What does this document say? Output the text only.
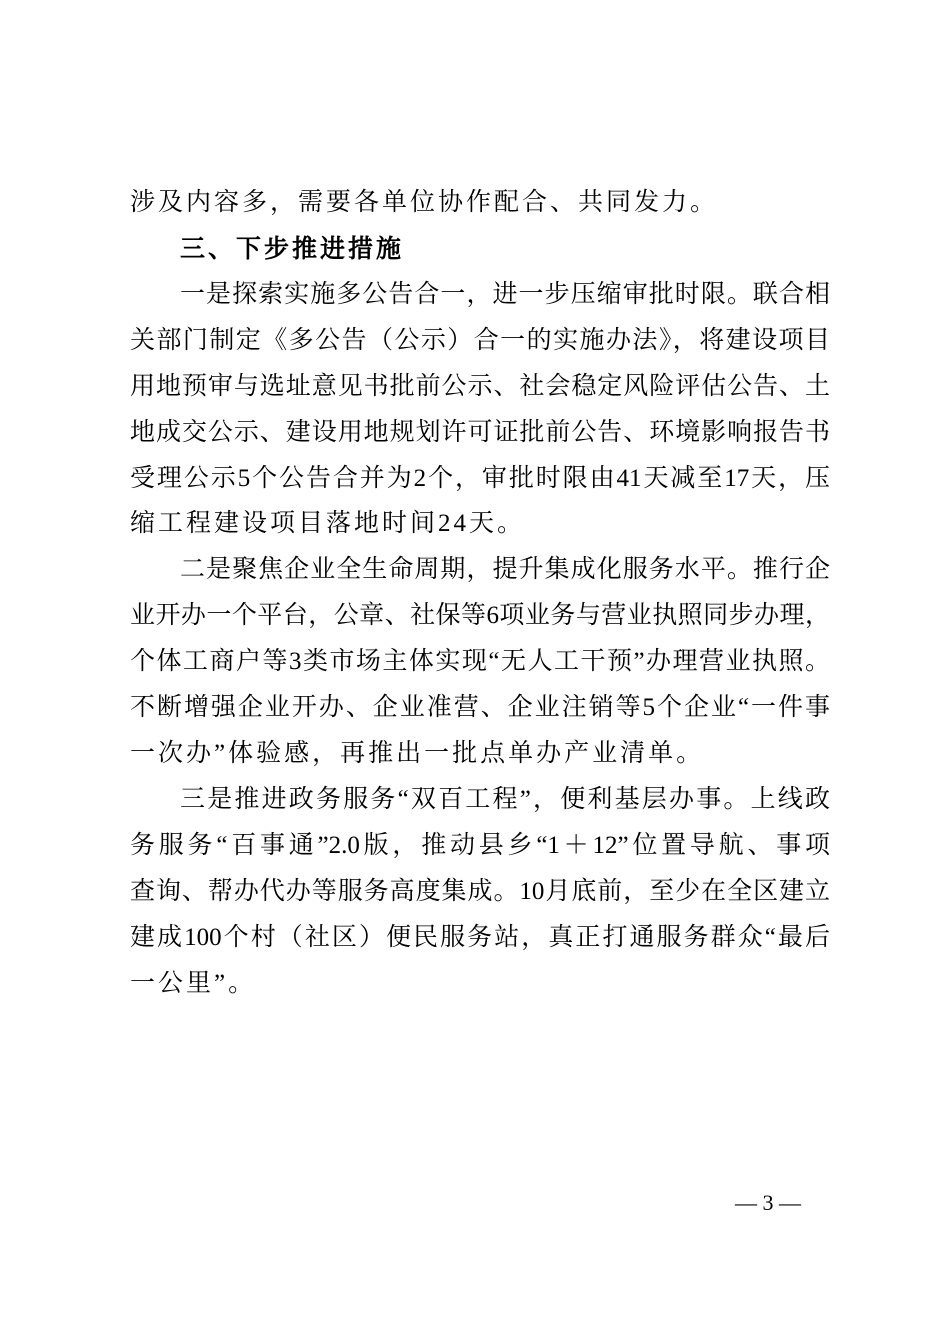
涉及内容多，需要各单位协作配合、共同发力。
三、下步推进措施
一是探索实施多公告合一，进一步压缩审批时限。联合相
关部门制定《多公告（公示）合一的实施办法》，将建设项目
用地预审与选址意见书批前公示、社会稳定风险评估公告、土
地成交公示、建设用地规划许可证批前公告、环境影响报告书
受理公示5个公告合并为2个，审批时限由41天减至17天，压
缩工程建设项目落地时间24天。
二是聚焦企业全生命周期，提升集成化服务水平。推行企
业开办一个平台，公章、社保等6项业务与营业执照同步办理，
个体工商户等3类市场主体实现“无人工干预”办理营业执照。
不断增强企业开办、企业准营、企业注销等5个企业“一件事
一次办”体验感，再推出一批点单办产业清单。
三是推进政务服务“双百工程”，便利基层办事。上线政
务服务“百事通”2.0版，推动县乡“1＋12”位置导航、事项
查询、帮办代办等服务高度集成。10月底前，至少在全区建立
建成100个村（社区）便民服务站，真正打通服务群众“最后
一公里”。
— 3 —
